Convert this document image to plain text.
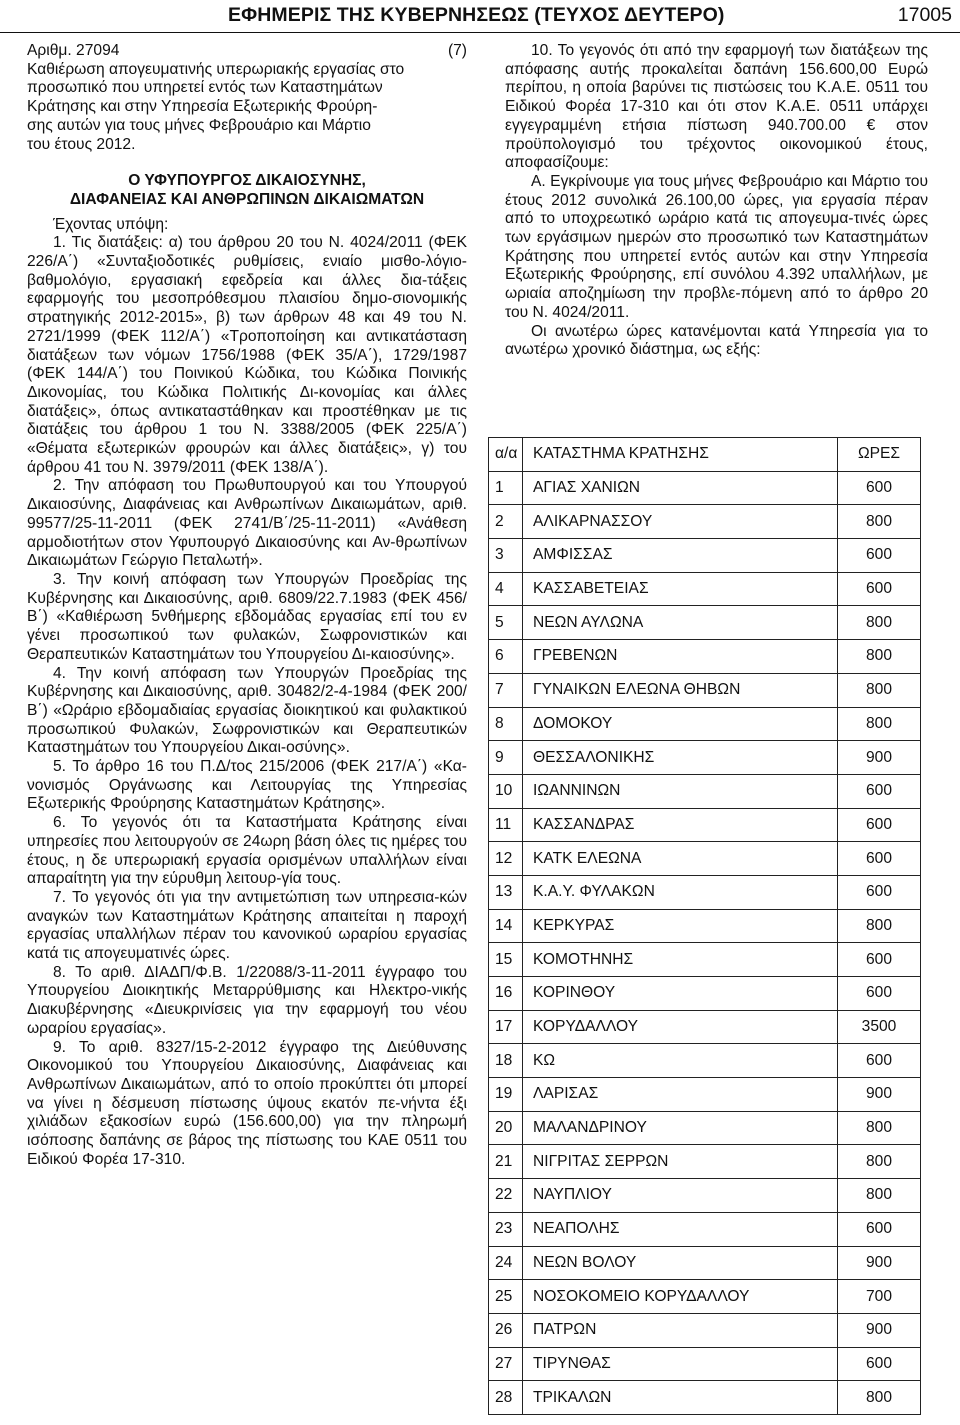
ΕΦΗΜΕΡΙΣ ΤΗΣ ΚΥΒΕΡΝΗΣΕΩΣ (ΤΕΥΧΟΣ ΔΕΥΤΕΡΟ)	17005
Αριθμ. 27094	(7)
Καθιέρωση απογευματινής υπερωριακής εργασίας στο
προσωπικό που υπηρετεί εντός των Καταστημάτων
Κράτησης και στην Υπηρεσία Εξωτερικής Φρούρη-
σης αυτών για τους μήνες Φεβρουάριο και Μάρτιο
του έτους 2012.
Ο ΥΦΥΠΟΥΡΓΟΣ ΔΙΚΑΙΟΣΥΝΗΣ,
ΔΙΑΦΑΝΕΙΑΣ ΚΑΙ ΑΝΘΡΩΠΙΝΩΝ ΔΙΚΑΙΩΜΑΤΩΝ

Έχοντας υπόψη:

1. Τις διατάξεις: α) του άρθρου 20 του Ν. 4024/2011 (ΦΕΚ 226/Α΄) «Συνταξιοδοτικές ρυθμίσεις, ενιαίο μισθο-λόγιο-βαθμολόγιο, εργασιακή εφεδρεία και άλλες δια-τάξεις εφαρμογής του μεσοπρόθεσμου πλαισίου δημο-σιονομικής στρατηγικής 2012-2015», β) των άρθρων 48 και 49 του Ν. 2721/1999 (ΦΕΚ 112/Α΄) «Τροποποίηση και αντικατάσταση διατάξεων των νόμων 1756/1988 (ΦΕΚ 35/Α΄), 1729/1987 (ΦΕΚ 144/Α΄) του Ποινικού Κώδικα, του Κώδικα Ποινικής Δικονομίας, του Κώδικα Πολιτικής Δι-κονομίας και άλλες διατάξεις», όπως αντικαταστάθηκαν και προστέθηκαν με τις διατάξεις του άρθρου 1 του Ν. 3388/2005 (ΦΕΚ 225/Α΄) «Θέματα εξωτερικών φρουρών και άλλες διατάξεις», γ) του άρθρου 41 του Ν. 3979/2011 (ΦΕΚ 138/Α΄).

2. Την απόφαση του Πρωθυπουργού και του Υπουργού Δικαιοσύνης, Διαφάνειας και Ανθρωπίνων Δικαιωμάτων, αριθ. 99577/25-11-2011 (ΦΕΚ 2741/Β΄/25-11-2011) «Ανάθεση αρμοδιοτήτων στον Υφυπουργό Δικαιοσύνης και Αν-θρωπίνων Δικαιωμάτων Γεώργιο Πεταλωτή».

3. Την κοινή απόφαση των Υπουργών Προεδρίας της Κυβέρνησης και Δικαιοσύνης, αριθ. 6809/22.7.1983 (ΦΕΚ 456/Β΄) «Καθιέρωση 5νθήμερης εβδομάδας εργασίας επί του εν γένει προσωπικού των φυλακών, Σωφρονιστικών και Θεραπευτικών Καταστημάτων του Υπουργείου Δι-καιοσύνης».

4. Την κοινή απόφαση των Υπουργών Προεδρίας της Κυβέρνησης και Δικαιοσύνης, αριθ. 30482/2-4-1984 (ΦΕΚ 200/Β΄) «Ωράριο εβδομαδιαίας εργασίας διοικητικού και φυλακτικού προσωπικού Φυλακών, Σωφρονιστικών και Θεραπευτικών Καταστημάτων του Υπουργείου Δικαι-οσύνης».

5. Το άρθρο 16 του Π.Δ/τος 215/2006 (ΦΕΚ 217/Α΄) «Κα-νονισμός Οργάνωσης και Λειτουργίας της Υπηρεσίας Εξωτερικής Φρούρησης Καταστημάτων Κράτησης».

6. Το γεγονός ότι τα Καταστήματα Κράτησης είναι υπηρεσίες που λειτουργούν σε 24ωρη βάση όλες τις ημέρες του έτους, η δε υπερωριακή εργασία ορισμένων υπαλλήλων είναι απαραίτητη για την εύρυθμη λειτουρ-γία τους.

7. Το γεγονός ότι για την αντιμετώπιση των υπηρεσια-κών αναγκών των Καταστημάτων Κράτησης απαιτείται η παροχή εργασίας υπαλλήλων πέραν του κανονικού ωραρίου εργασίας κατά τις απογευματινές ώρες.

8. Το αριθ. ΔΙΑΔΠ/Φ.Β. 1/22088/3-11-2011 έγγραφο του Υπουργείου Διοικητικής Μεταρρύθμισης και Ηλεκτρο-νικής Διακυβέρνησης «Διευκρινίσεις για την εφαρμογή του νέου ωραρίου εργασίας».

9. Το αριθ. 8327/15-2-2012 έγγραφο της Διεύθυνσης Οικονομικού του Υπουργείου Δικαιοσύνης, Διαφάνειας και Ανθρωπίνων Δικαιωμάτων, από το οποίο προκύπτει ότι μπορεί να γίνει η δέσμευση πίστωσης ύψους εκατόν πε-νήντα έξι χιλιάδων εξακοσίων ευρώ (156.600,00) για την πληρωμή ισόποσης δαπάνης σε βάρος της πίστωσης του ΚΑΕ 0511 του Ειδικού Φορέα 17-310.

10. Το γεγονός ότι από την εφαρμογή των διατάξεων της απόφασης αυτής προκαλείται δαπάνη 156.600,00 Ευρώ περίπου, η οποία βαρύνει τις πιστώσεις του Κ.Α.Ε. 0511 του Ειδικού Φορέα 17-310 και ότι στον Κ.Α.Ε. 0511 υπάρχει εγγεγραμμένη ετήσια πίστωση 940.700.00 € στον προϋπολογισμό του τρέχοντος οικονομικού έτους, αποφασίζουμε:

Α. Εγκρίνουμε για τους μήνες Φεβρουάριο και Μάρτιο του έτους 2012 συνολικά 26.100,00 ώρες, για εργασία πέραν από το υποχρεωτικό ωράριο κατά τις απογευμα-τινές ώρες των εργάσιμων ημερών στο προσωπικό των Καταστημάτων Κράτησης που υπηρετεί εντός αυτών και στην Υπηρεσία Εξωτερικής Φρούρησης, επί συνόλου 4.392 υπαλλήλων, με ωριαία αποζημίωση την προβλε-πόμενη από το άρθρο 20 του Ν. 4024/2011.

Οι ανωτέρω ώρες κατανέμονται κατά Υπηρεσία για το ανωτέρω χρονικό διάστημα, ως εξής:

α/α	ΚΑΤΑΣΤΗΜΑ ΚΡΑΤΗΣΗΣ	ΩΡΕΣ
1	ΑΓΙΑΣ ΧΑΝΙΩΝ	600
2	ΑΛΙΚΑΡΝΑΣΣΟΥ	800
3	ΑΜΦΙΣΣΑΣ	600
4	ΚΑΣΣΑΒΕΤΕΙΑΣ	600
5	ΝΕΩΝ ΑΥΛΩΝΑ	800
6	ΓΡΕΒΕΝΩΝ	800
7	ΓΥΝΑΙΚΩΝ ΕΛΕΩΝΑ ΘΗΒΩΝ	800
8	ΔΟΜΟΚΟΥ	800
9	ΘΕΣΣΑΛΟΝΙΚΗΣ	900
10	ΙΩΑΝΝΙΝΩΝ	600
11	ΚΑΣΣΑΝΔΡΑΣ	600
12	ΚΑΤΚ ΕΛΕΩΝΑ	600
13	Κ.Α.Υ. ΦΥΛΑΚΩΝ	600
14	ΚΕΡΚΥΡΑΣ	800
15	ΚΟΜΟΤΗΝΗΣ	600
16	ΚΟΡΙΝΘΟΥ	600
17	ΚΟΡΥΔΑΛΛΟΥ	3500
18	ΚΩ	600
19	ΛΑΡΙΣΑΣ	900
20	ΜΑΛΑΝΔΡΙΝΟΥ	800
21	ΝΙΓΡΙΤΑΣ ΣΕΡΡΩΝ	800
22	ΝΑΥΠΛΙΟΥ	800
23	ΝΕΑΠΟΛΗΣ	600
24	ΝΕΩΝ ΒΟΛΟΥ	900
25	ΝΟΣΟΚΟΜΕΙΟ ΚΟΡΥΔΑΛΛΟΥ	700
26	ΠΑΤΡΩΝ	900
27	ΤΙΡΥΝΘΑΣ	600
28	ΤΡΙΚΑΛΩΝ	800
